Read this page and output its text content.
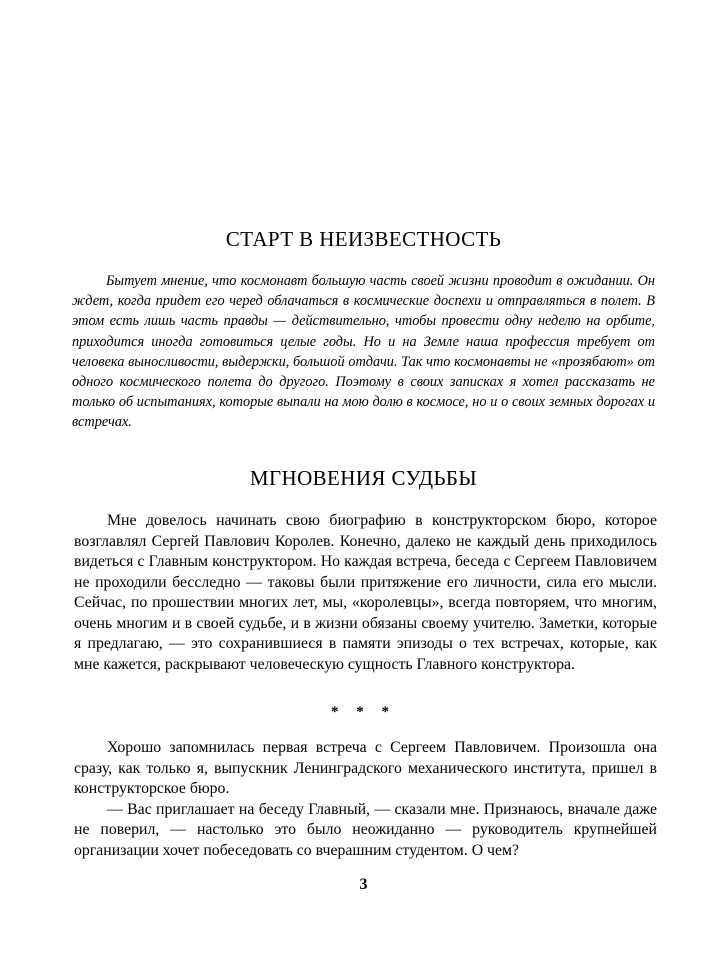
СТАРТ В НЕИЗВЕСТНОСТЬ

Бытует мнение, что космонавт большую часть своей жизни проводит в ожидании. Он ждет, когда придет его черед облачаться в космические доспехи и отправляться в полет. В этом есть лишь часть правды — действительно, чтобы провести одну неделю на орбите, приходится иногда готовиться целые годы. Но и на Земле наша профессия требует от человека выносливости, выдержки, большой отдачи. Так что космонавты не «прозябают» от одного космического полета до другого. Поэтому в своих записках я хотел рассказать не только об испытаниях, которые выпали на мою долю в космосе, но и о своих земных дорогах и встречах.

МГНОВЕНИЯ СУДЬБЫ

Мне довелось начинать свою биографию в конструкторском бюро, которое возглавлял Сергей Павлович Королев. Конечно, далеко не каждый день приходилось видеться с Главным конструктором. Но каждая встреча, беседа с Сергеем Павловичем не проходили бесследно — таковы были притяжение его личности, сила его мысли. Сейчас, по прошествии многих лет, мы, «королевцы», всегда повторяем, что многим, очень многим и в своей судьбе, и в жизни обязаны своему учителю. Заметки, которые я предлагаю, — это сохранившиеся в памяти эпизоды о тех встречах, которые, как мне кажется, раскрывают человеческую сущность Главного конструктора.

* * *

Хорошо запомнилась первая встреча с Сергеем Павловичем. Произошла она сразу, как только я, выпускник Ленинградского механического института, пришел в конструкторское бюро.

— Вас приглашает на беседу Главный, — сказали мне. Признаюсь, вначале даже не поверил, — настолько это было неожиданно — руководитель крупнейшей организации хочет побеседовать со вчерашним студентом. О чем?

3
